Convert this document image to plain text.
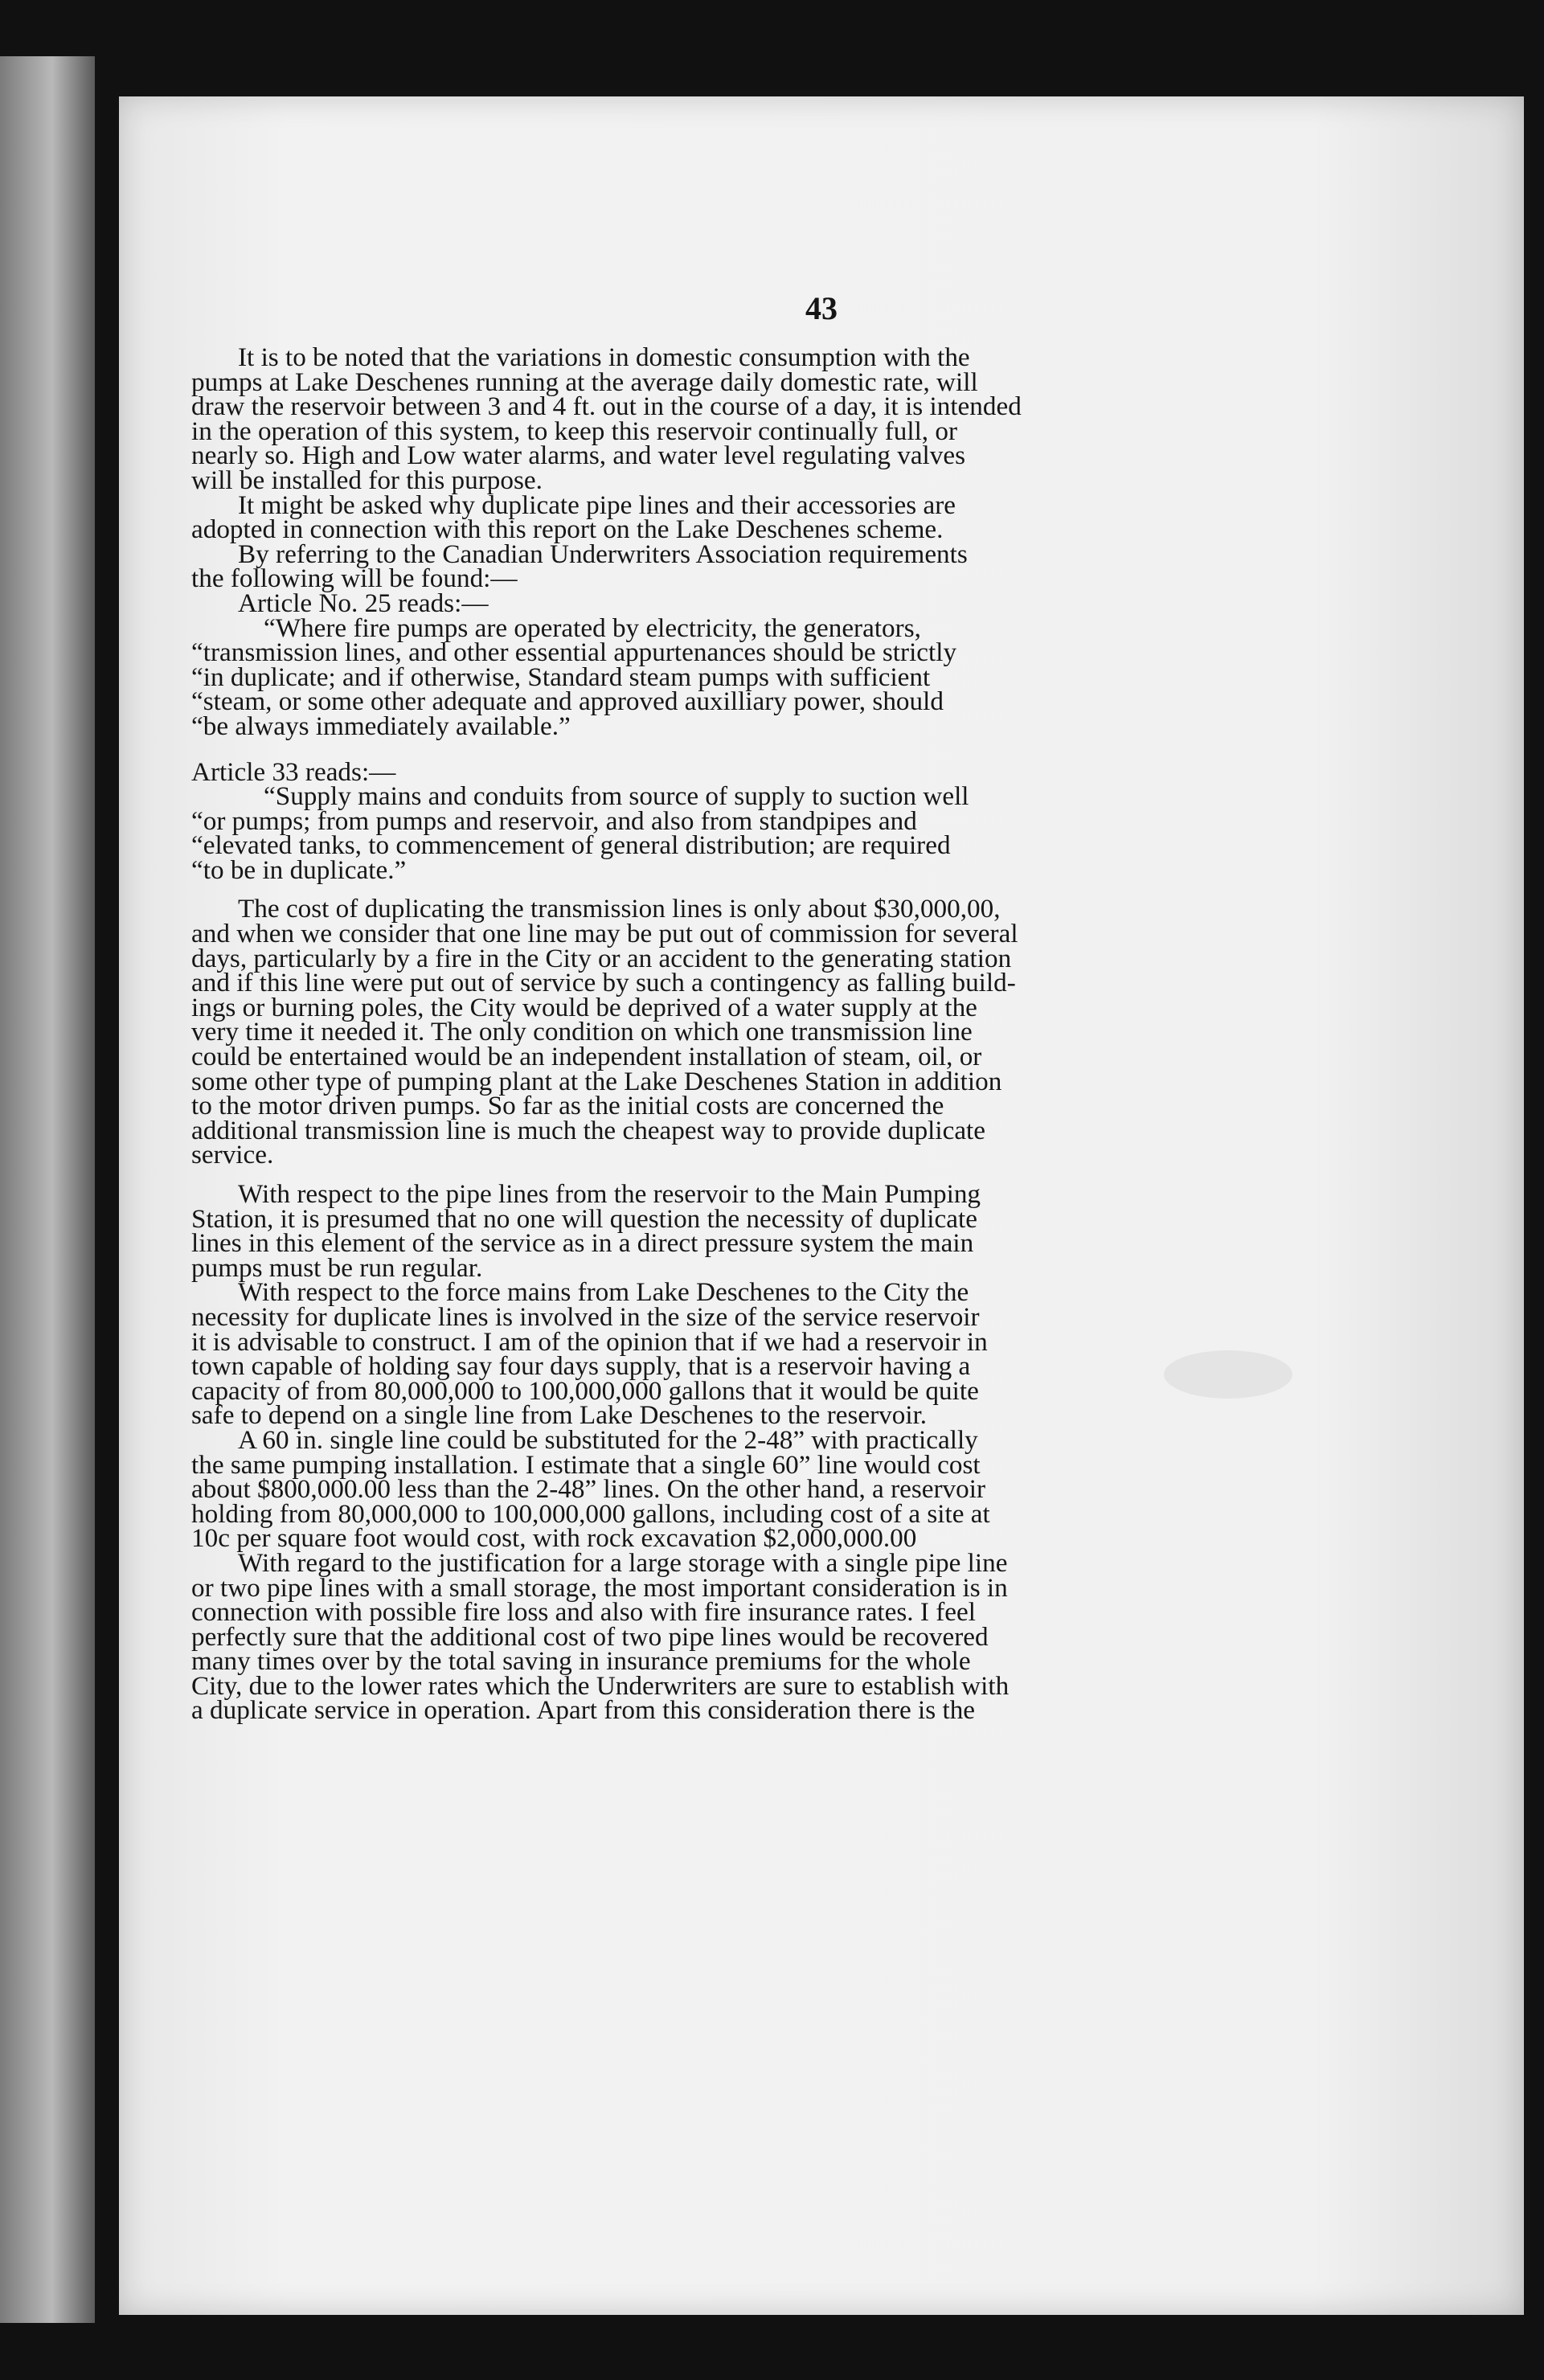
43

It is to be noted that the variations in domestic consumption with the
pumps at Lake Deschenes running at the average daily domestic rate, will
draw the reservoir between 3 and 4 ft. out in the course of a day, it is intended
in the operation of this system, to keep this reservoir continually full, or
nearly so. High and Low water alarms, and water level regulating valves
will be installed for this purpose.

It might be asked why duplicate pipe lines and their accessories are
adopted in connection with this report on the Lake Deschenes scheme.

By referring to the Canadian Underwriters Association requirements
the following will be found:—

Article No. 25 reads:—

“Where fire pumps are operated by electricity, the generators,
“transmission lines, and other essential appurtenances should be strictly
“in duplicate; and if otherwise, Standard steam pumps with sufficient
“steam, or some other adequate and approved auxilliary power, should
“be always immediately available.”

Article 33 reads:—

“Supply mains and conduits from source of supply to suction well
“or pumps; from pumps and reservoir, and also from standpipes and
“elevated tanks, to commencement of general distribution; are required
“to be in duplicate.”

The cost of duplicating the transmission lines is only about $30,000,00,
and when we consider that one line may be put out of commission for several
days, particularly by a fire in the City or an accident to the generating station
and if this line were put out of service by such a contingency as falling build-
ings or burning poles, the City would be deprived of a water supply at the
very time it needed it. The only condition on which one transmission line
could be entertained would be an independent installation of steam, oil, or
some other type of pumping plant at the Lake Deschenes Station in addition
to the motor driven pumps. So far as the initial costs are concerned the
additional transmission line is much the cheapest way to provide duplicate
service.

With respect to the pipe lines from the reservoir to the Main Pumping
Station, it is presumed that no one will question the necessity of duplicate
lines in this element of the service as in a direct pressure system the main
pumps must be run regular.

With respect to the force mains from Lake Deschenes to the City the
necessity for duplicate lines is involved in the size of the service reservoir
it is advisable to construct. I am of the opinion that if we had a reservoir in
town capable of holding say four days supply, that is a reservoir having a
capacity of from 80,000,000 to 100,000,000 gallons that it would be quite
safe to depend on a single line from Lake Deschenes to the reservoir.

A 60 in. single line could be substituted for the 2-48” with practically
the same pumping installation. I estimate that a single 60” line would cost
about $800,000.00 less than the 2-48” lines. On the other hand, a reservoir
holding from 80,000,000 to 100,000,000 gallons, including cost of a site at
10c per square foot would cost, with rock excavation $2,000,000.00

With regard to the justification for a large storage with a single pipe line
or two pipe lines with a small storage, the most important consideration is in
connection with possible fire loss and also with fire insurance rates. I feel
perfectly sure that the additional cost of two pipe lines would be recovered
many times over by the total saving in insurance premiums for the whole
City, due to the lower rates which the Underwriters are sure to establish with
a duplicate service in operation. Apart from this consideration there is the
